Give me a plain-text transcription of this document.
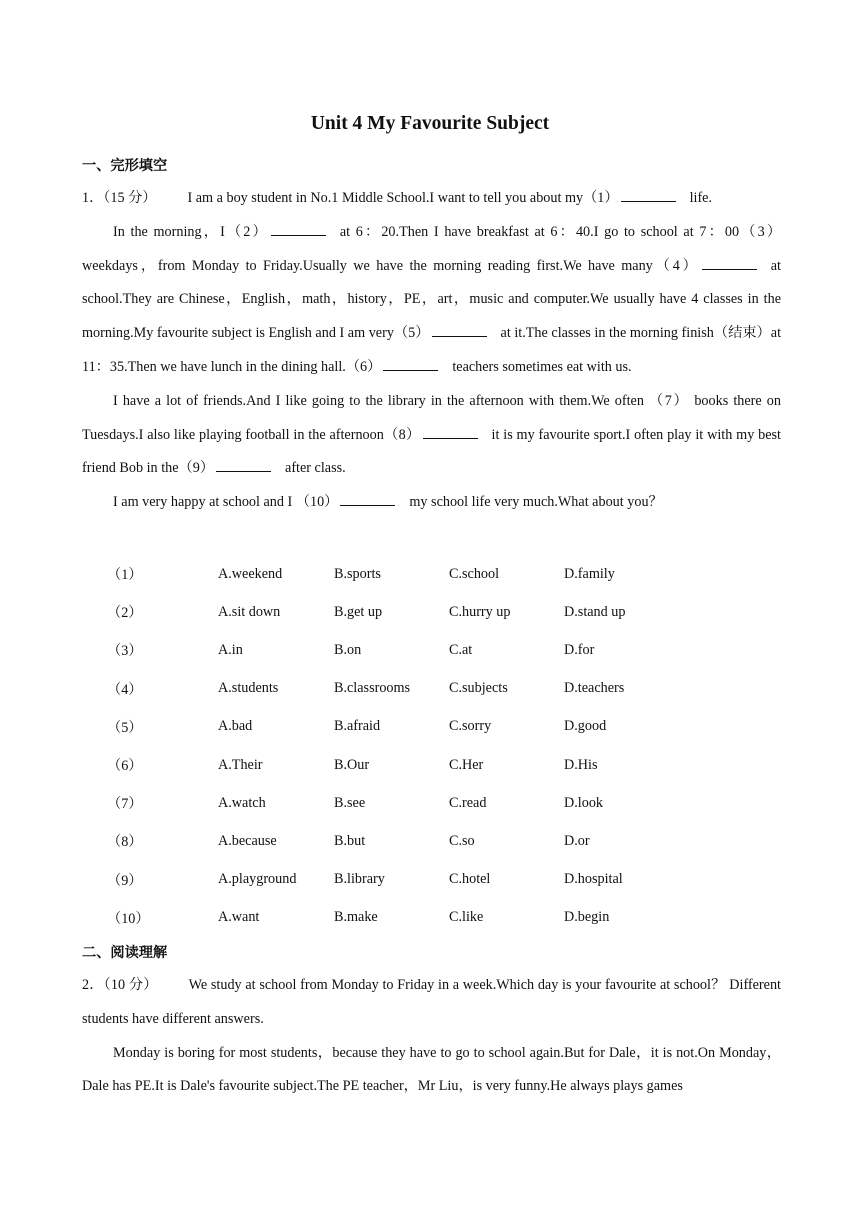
Unit 4 My Favourite Subject
一、完形填空
1．（15 分） I am a boy student in No.1 Middle School.I want to tell you about my（1）	life.
In the morning，I（2）	at 6：20.Then I have breakfast at 6：40.I go to school at 7：00（3）weekdays，from Monday to Friday.Usually we have the morning reading first.We have many（4）	at school.They are Chinese，English，math，history，PE，art，music and computer.We usually have 4 classes in the morning.My favourite subject is English and I am very（5）	at it.The classes in the morning finish（结束）at 11：35.Then we have lunch in the dining hall.（6）	teachers sometimes eat with us.
I have a lot of friends.And I like going to the library in the afternoon with them.We often （7） books there on Tuesdays.I also like playing football in the afternoon（8）	it is my favourite sport.I often play it with my best friend Bob in the（9）	after class.
I am very happy at school and I （10）	my school life very much.What about you？
（1）	A.weekend	B.sports	C.school	D.family
（2）	A.sit down	B.get up	C.hurry up	D.stand up
（3）	A.in	B.on	C.at	D.for
（4）	A.students	B.classrooms	C.subjects	D.teachers
（5）	A.bad	B.afraid	C.sorry	D.good
（6）	A.Their	B.Our	C.Her	D.His
（7）	A.watch	B.see	C.read	D.look
（8）	A.because	B.but	C.so	D.or
（9）	A.playground	B.library	C.hotel	D.hospital
（10）	A.want	B.make	C.like	D.begin
二、阅读理解
2．（10 分） We study at school from Monday to Friday in a week.Which day is your favourite at school？ Different students have different answers.
Monday is boring for most students，because they have to go to school again.But for Dale，it is not.On Monday，Dale has PE.It is Dale's favourite subject.The PE teacher，Mr Liu，is very funny.He always plays games
